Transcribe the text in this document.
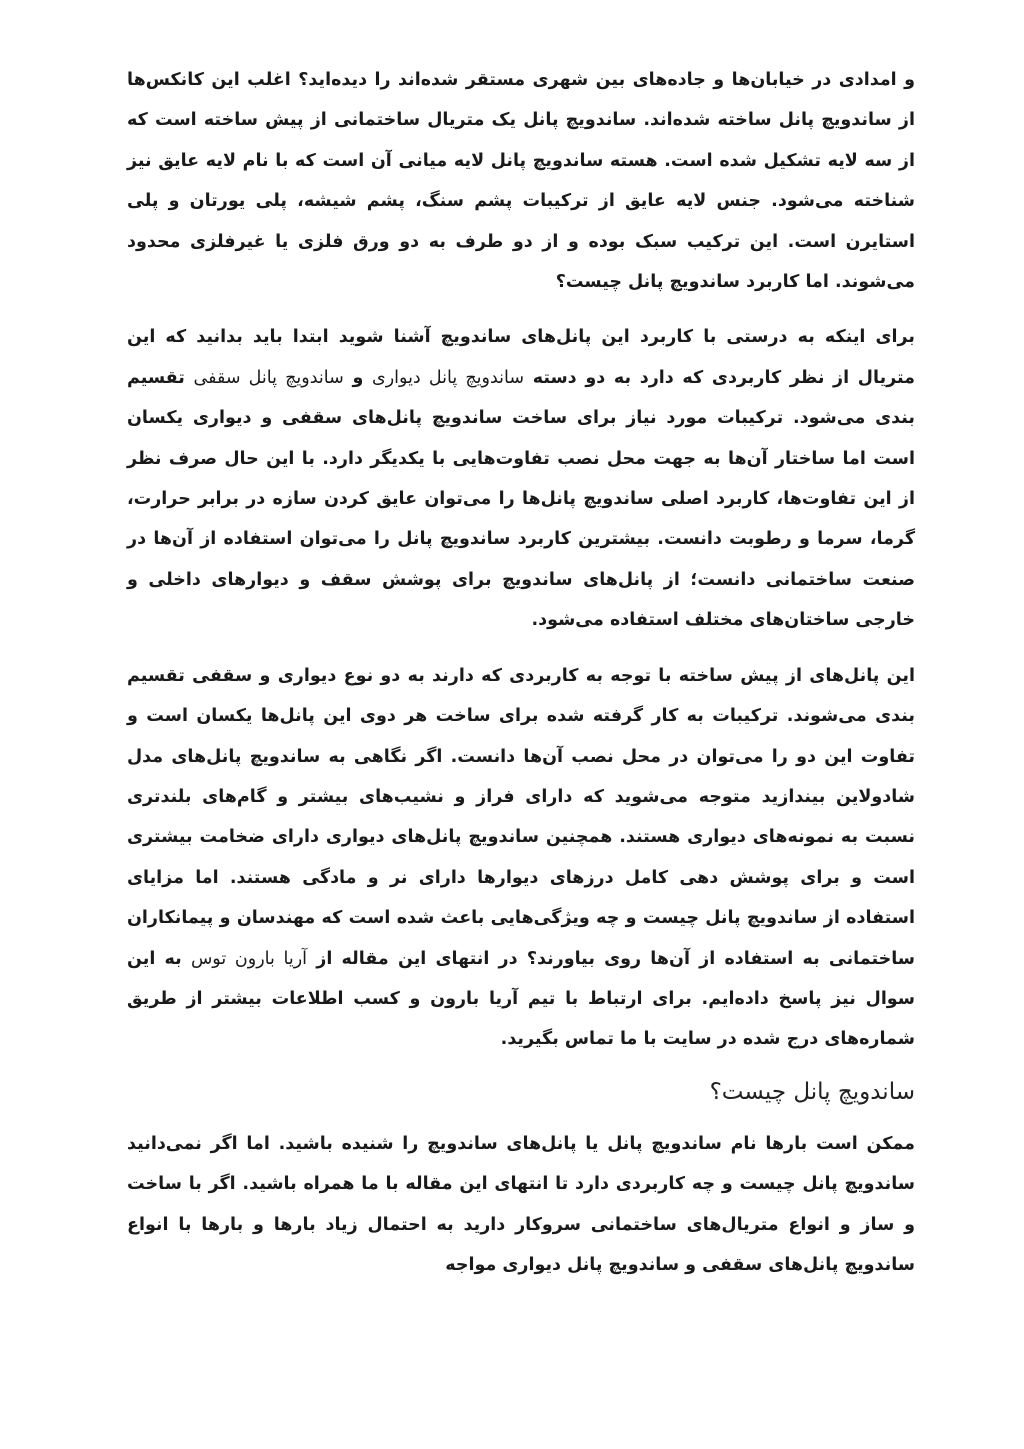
و امدادی در خیابان‌ها و جاده‌های بین شهری مستقر شده‌اند را دیده‌اید؟ اغلب این کانکس‌ها از ساندویچ پانل ساخته شده‌اند. ساندویچ پانل یک متریال ساختمانی از پیش ساخته است که از سه لایه تشکیل شده است. هسته ساندویچ پانل لایه میانی آن است که با نام لایه عایق نیز شناخته می‌شود. جنس لایه عایق از ترکیبات پشم سنگ، پشم شیشه، پلی یورتان و پلی استایرن است. این ترکیب سبک بوده و از دو طرف به دو ورق فلزی یا غیرفلزی محدود می‌شوند. اما کاربرد ساندویچ پانل چیست؟

برای اینکه به درستی با کاربرد این پانل‌های ساندویچ آشنا شوید ابتدا باید بدانید که این متریال از نظر کاربردی که دارد به دو دسته ساندویچ پانل دیواری و ساندویچ پانل سقفی تقسیم بندی می‌شود. ترکیبات مورد نیاز برای ساخت ساندویچ پانل‌های سقفی و دیواری یکسان است اما ساختار آن‌ها به جهت محل نصب تفاوت‌هایی با یکدیگر دارد. با این حال صرف نظر از این تفاوت‌ها، کاربرد اصلی ساندویچ پانل‌ها را می‌توان عایق کردن سازه در برابر حرارت، گرما، سرما و رطوبت دانست. بیشترین کاربرد ساندویچ پانل را می‌توان استفاده از آن‌ها در صنعت ساختمانی دانست؛ از پانل‌های ساندویچ برای پوشش سقف و دیوارهای داخلی و خارجی ساختان‌های مختلف استفاده می‌شود.

این پانل‌های از پیش ساخته با توجه به کاربردی که دارند به دو نوع دیواری و سقفی تقسیم بندی می‌شوند. ترکیبات به کار گرفته شده برای ساخت هر دوی این پانل‌ها یکسان است و تفاوت این دو را می‌توان در محل نصب آن‌ها دانست. اگر نگاهی به ساندویچ پانل‌های مدل شادولاین بیندازید متوجه می‌شوید که دارای فراز و نشیب‌های بیشتر و گام‌های بلندتری نسبت به نمونه‌های دیواری هستند. همچنین ساندویچ پانل‌های دیواری دارای ضخامت بیشتری است و برای پوشش دهی کامل درزهای دیوارها دارای نر و مادگی هستند. اما مزایای استفاده از ساندویچ پانل چیست و چه ویژگی‌هایی باعث شده است که مهندسان و پیمانکاران ساختمانی به استفاده از آن‌ها روی بیاورند؟ در انتهای این مقاله از آریا بارون توس به این سوال نیز پاسخ داده‌ایم. برای ارتباط با تیم آریا بارون و کسب اطلاعات بیشتر از طریق شماره‌های درج شده در سایت با ما تماس بگیرید.

ساندویچ پانل چیست؟

ممکن است بارها نام ساندویچ پانل یا پانل‌های ساندویچ را شنیده باشید. اما اگر نمی‌دانید ساندویچ پانل چیست و چه کاربردی دارد تا انتهای این مقاله با ما همراه باشید. اگر با ساخت و ساز و انواع متریال‌های ساختمانی سروکار دارید به احتمال زیاد بارها و بارها با انواع ساندویچ پانل‌های سقفی و ساندویچ پانل دیواری مواجه
